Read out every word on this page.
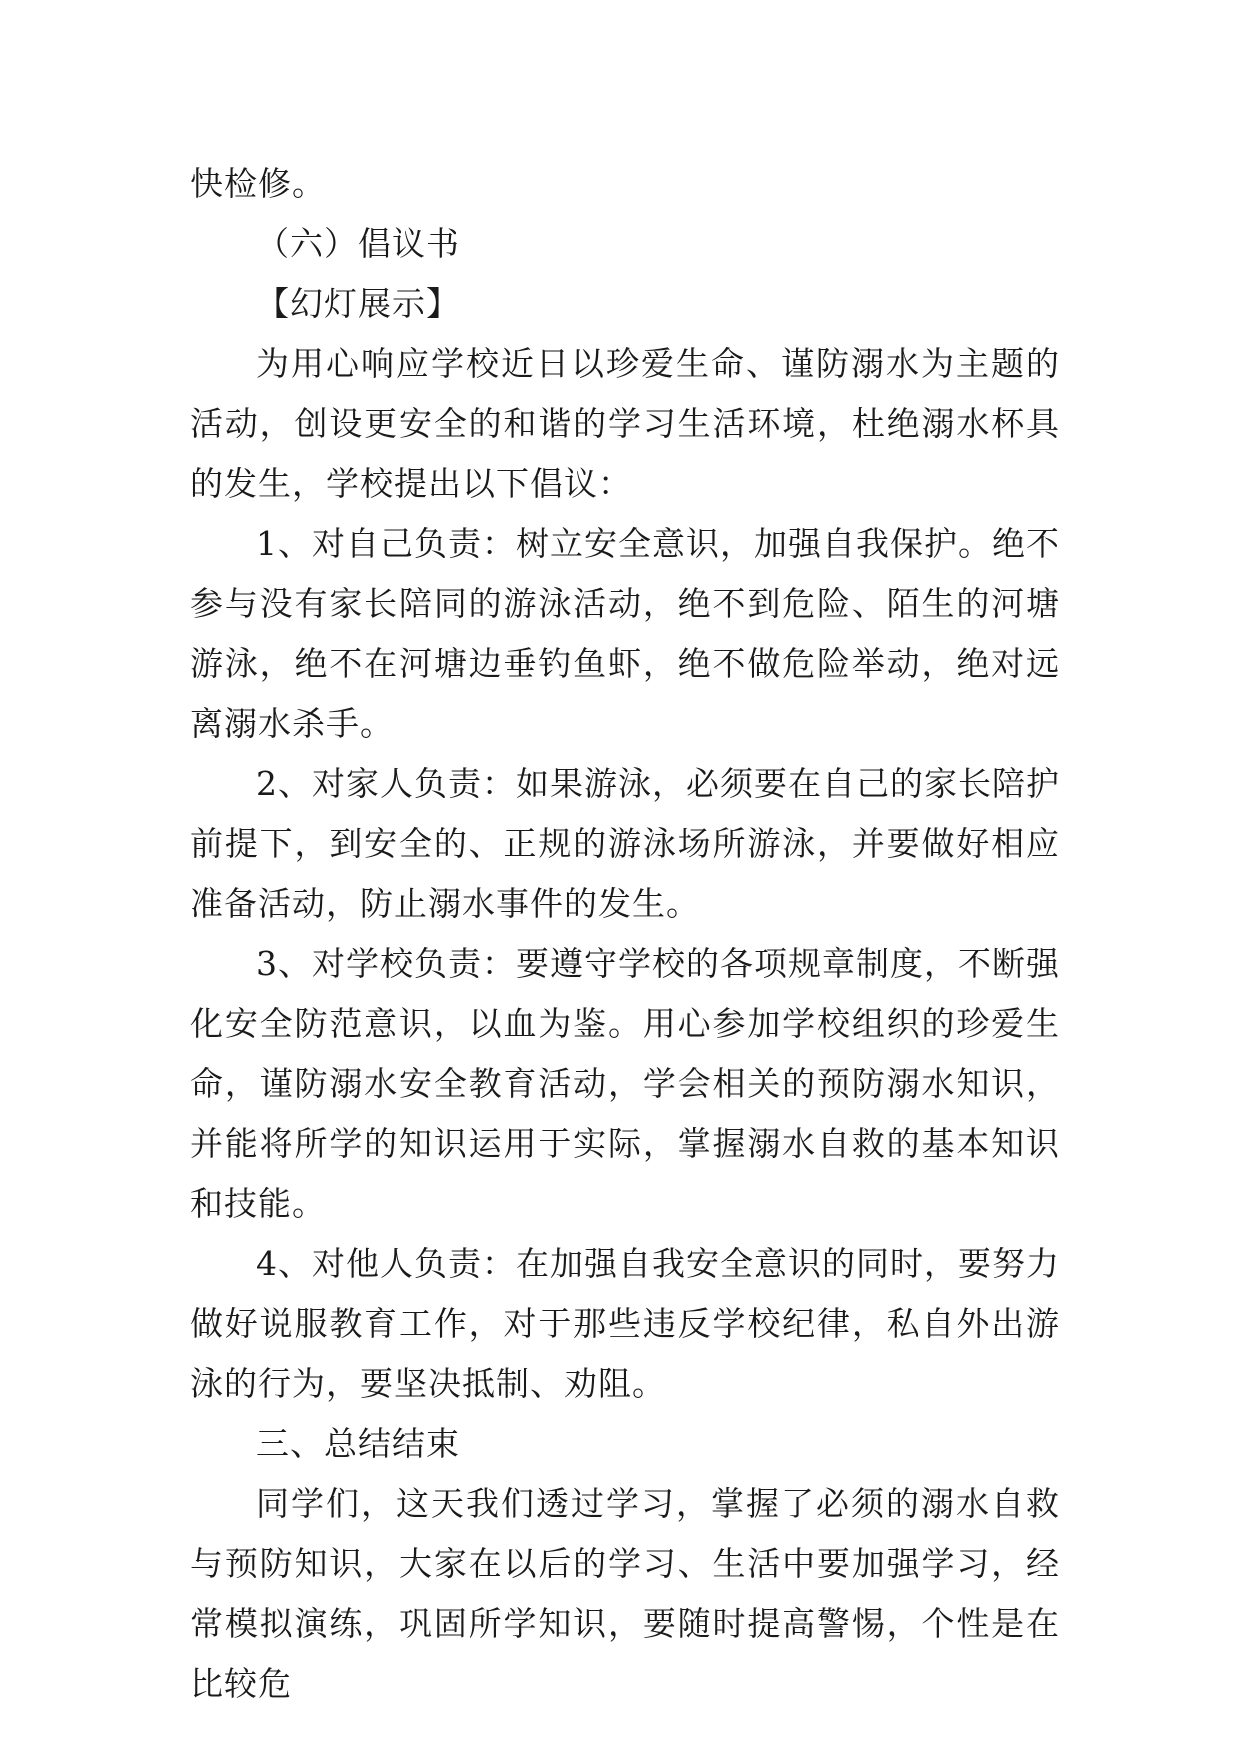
快检修。

（六）倡议书

【幻灯展示】

为用心响应学校近日以珍爱生命、谨防溺水为主题的活动，创设更安全的和谐的学习生活环境，杜绝溺水杯具的发生，学校提出以下倡议：

1、对自己负责：树立安全意识，加强自我保护。绝不参与没有家长陪同的游泳活动，绝不到危险、陌生的河塘游泳，绝不在河塘边垂钓鱼虾，绝不做危险举动，绝对远离溺水杀手。

2、对家人负责：如果游泳，必须要在自己的家长陪护前提下，到安全的、正规的游泳场所游泳，并要做好相应准备活动，防止溺水事件的发生。

3、对学校负责：要遵守学校的各项规章制度，不断强化安全防范意识，以血为鉴。用心参加学校组织的珍爱生命，谨防溺水安全教育活动，学会相关的预防溺水知识，并能将所学的知识运用于实际，掌握溺水自救的基本知识和技能。

4、对他人负责：在加强自我安全意识的同时，要努力做好说服教育工作，对于那些违反学校纪律，私自外出游泳的行为，要坚决抵制、劝阻。

三、总结结束

同学们，这天我们透过学习，掌握了必须的溺水自救与预防知识，大家在以后的学习、生活中要加强学习，经常模拟演练，巩固所学知识，要随时提高警惕，个性是在比较危
